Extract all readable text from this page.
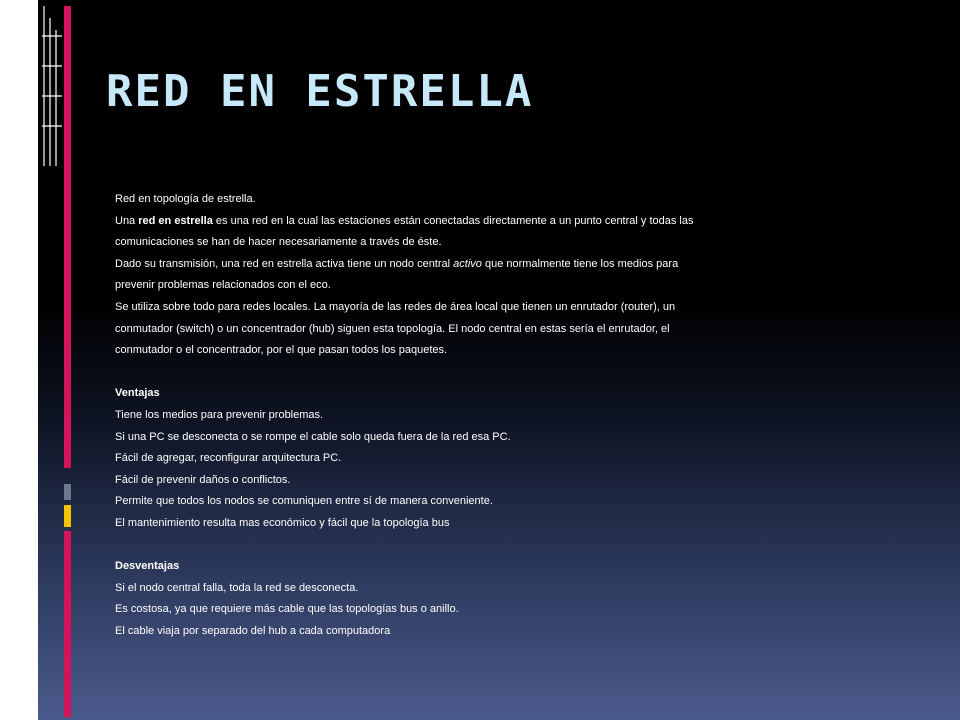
RED EN ESTRELLA
Red en topología de estrella.
Una red en estrella es una red en la cual las estaciones están conectadas directamente a un punto central y todas las
comunicaciones se han de hacer necesariamente a través de éste.
Dado su transmisión, una red en estrella activa tiene un nodo central activo que normalmente tiene los medios para
prevenir problemas relacionados con el eco.
Se utiliza sobre todo para redes locales. La mayoría de las redes de área local que tienen un enrutador (router), un
conmutador (switch) o un concentrador (hub) siguen esta topología. El nodo central en estas sería el enrutador, el
conmutador o el concentrador, por el que pasan todos los paquetes.
Ventajas
Tiene los medios para prevenir problemas.
Si una PC se desconecta o se rompe el cable solo queda fuera de la red esa PC.
Fácil de agregar, reconfigurar arquitectura PC.
Fácil de prevenir daños o conflictos.
Permite que todos los nodos se comuniquen entre sí de manera conveniente.
El mantenimiento resulta mas económico y fácil que la topología bus
Desventajas
Si el nodo central falla, toda la red se desconecta.
Es costosa, ya que requiere más cable que las topologías bus o anillo.
El cable viaja por separado del hub a cada computadora
